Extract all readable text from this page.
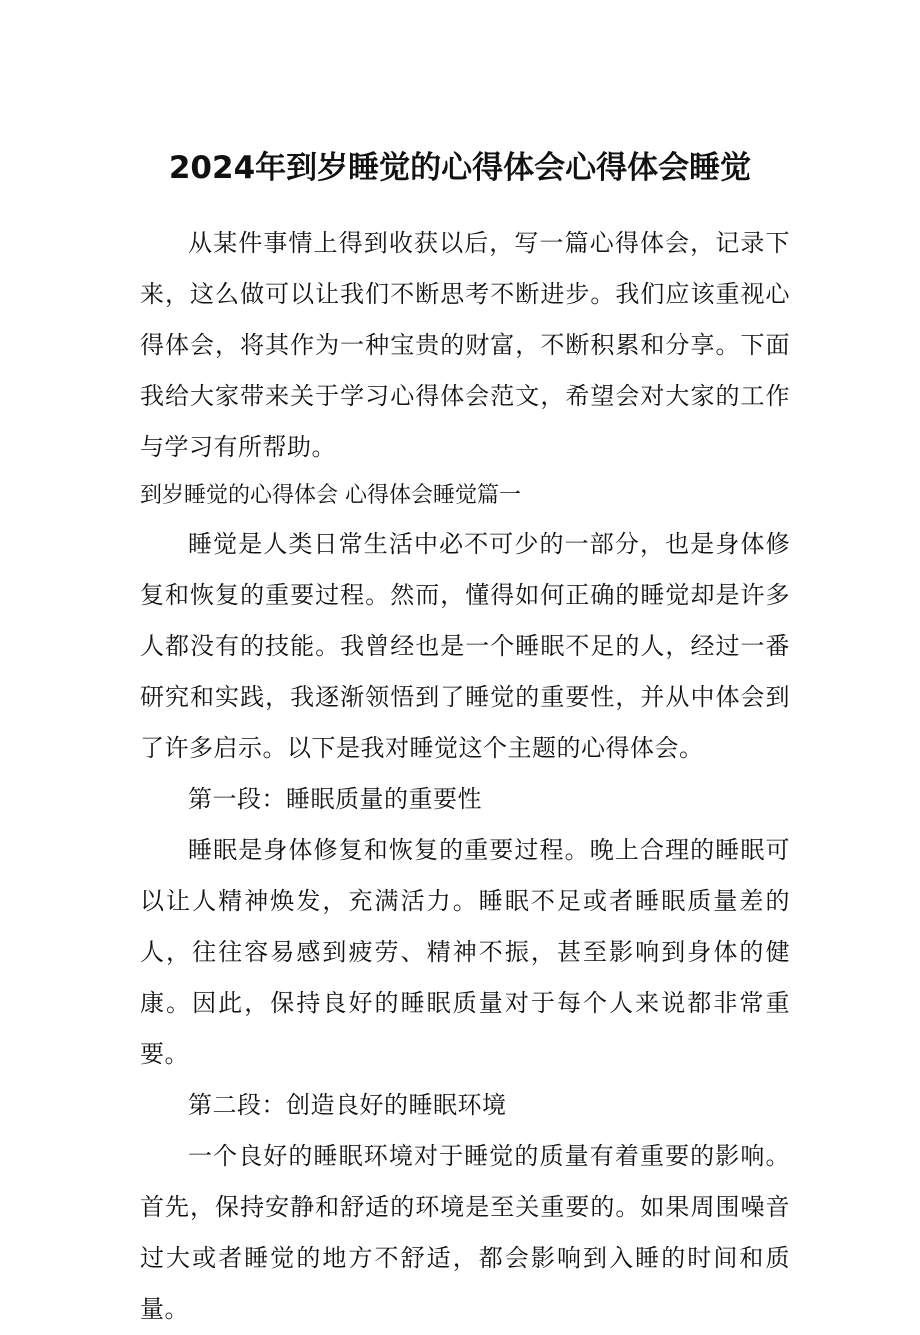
2024年到岁睡觉的心得体会心得体会睡觉

从某件事情上得到收获以后，写一篇心得体会，记录下来，这么做可以让我们不断思考不断进步。我们应该重视心得体会，将其作为一种宝贵的财富，不断积累和分享。下面我给大家带来关于学习心得体会范文，希望会对大家的工作与学习有所帮助。

到岁睡觉的心得体会 心得体会睡觉篇一

睡觉是人类日常生活中必不可少的一部分，也是身体修复和恢复的重要过程。然而，懂得如何正确的睡觉却是许多人都没有的技能。我曾经也是一个睡眠不足的人，经过一番研究和实践，我逐渐领悟到了睡觉的重要性，并从中体会到了许多启示。以下是我对睡觉这个主题的心得体会。

第一段：睡眠质量的重要性

睡眠是身体修复和恢复的重要过程。晚上合理的睡眠可以让人精神焕发，充满活力。睡眠不足或者睡眠质量差的人，往往容易感到疲劳、精神不振，甚至影响到身体的健康。因此，保持良好的睡眠质量对于每个人来说都非常重要。

第二段：创造良好的睡眠环境

一个良好的睡眠环境对于睡觉的质量有着重要的影响。首先，保持安静和舒适的环境是至关重要的。如果周围噪音过大或者睡觉的地方不舒适，都会影响到入睡的时间和质量。
